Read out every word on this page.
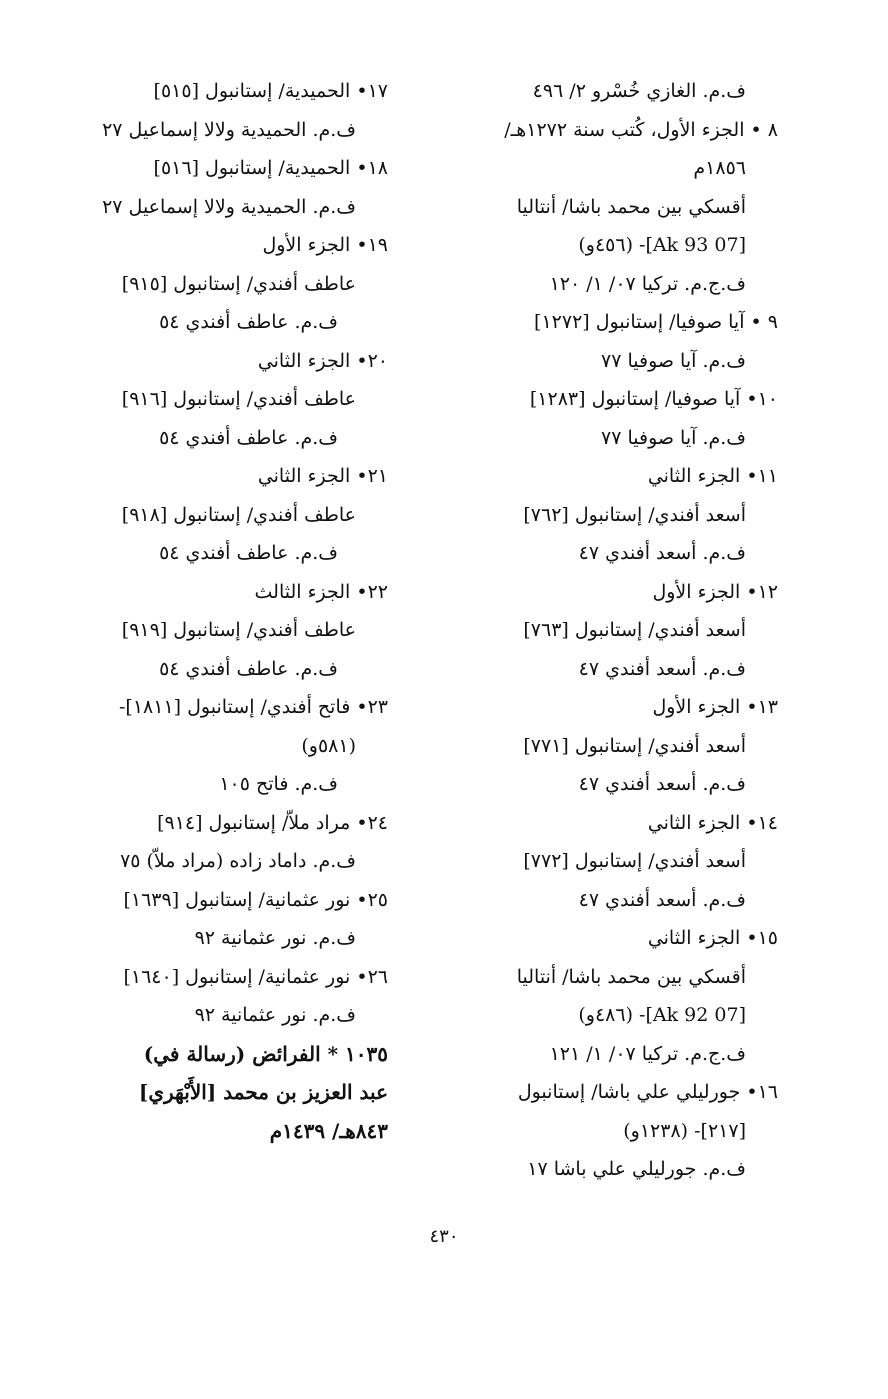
ف.م. الغازي خُسْرو ٢/ ٤٩٦
٨ • الجزء الأول، كُتب سنة ١٢٧٢هـ/
١٨٥٦م
أقسكي بين محمد باشا/ أنتاليا
[07 Ak 93]- (٤٥٦و)
ف.ج.م. تركيا ٠٧/ ١/ ١٢٠
٩ • آيا صوفيا/ إستانبول [١٢٧٢]
ف.م. آيا صوفيا ٧٧
١٠• آيا صوفيا/ إستانبول [١٢٨٣]
ف.م. آيا صوفيا ٧٧
١١• الجزء الثاني
أسعد أفندي/ إستانبول [٧٦٢]
ف.م. أسعد أفندي ٤٧
١٢• الجزء الأول
أسعد أفندي/ إستانبول [٧٦٣]
ف.م. أسعد أفندي ٤٧
١٣• الجزء الأول
أسعد أفندي/ إستانبول [٧٧١]
ف.م. أسعد أفندي ٤٧
١٤• الجزء الثاني
أسعد أفندي/ إستانبول [٧٧٢]
ف.م. أسعد أفندي ٤٧
١٥• الجزء الثاني
أقسكي بين محمد باشا/ أنتاليا
[07 Ak 92]- (٤٨٦و)
ف.ج.م. تركيا ٠٧/ ١/ ١٢١
١٦• جورليلي علي باشا/ إستانبول
[٢١٧]- (١٢٣٨و)
ف.م. جورليلي علي باشا ١٧
١٧• الحميدية/ إستانبول [٥١٥]
ف.م. الحميدية ولالا إسماعيل ٢٧
١٨• الحميدية/ إستانبول [٥١٦]
ف.م. الحميدية ولالا إسماعيل ٢٧
١٩• الجزء الأول
عاطف أفندي/ إستانبول [٩١٥]
ف.م. عاطف أفندي ٥٤
٢٠• الجزء الثاني
عاطف أفندي/ إستانبول [٩١٦]
ف.م. عاطف أفندي ٥٤
٢١• الجزء الثاني
عاطف أفندي/ إستانبول [٩١٨]
ف.م. عاطف أفندي ٥٤
٢٢• الجزء الثالث
عاطف أفندي/ إستانبول [٩١٩]
ف.م. عاطف أفندي ٥٤
٢٣• فاتح أفندي/ إستانبول [١٨١١]-
(٥٨١و)
ف.م. فاتح ١٠٥
٢٤• مراد ملاّ/ إستانبول [٩١٤]
ف.م. داماد زاده (مراد ملاّ) ٧٥
٢٥• نور عثمانية/ إستانبول [١٦٣٩]
ف.م. نور عثمانية ٩٢
٢٦• نور عثمانية/ إستانبول [١٦٤٠]
ف.م. نور عثمانية ٩٢
١٠٣٥ * الفرائض (رسالة في)
عبد العزيز بن محمد [الأَبْهَري]
٨٤٣هـ/ ١٤٣٩م
٤٣٠
